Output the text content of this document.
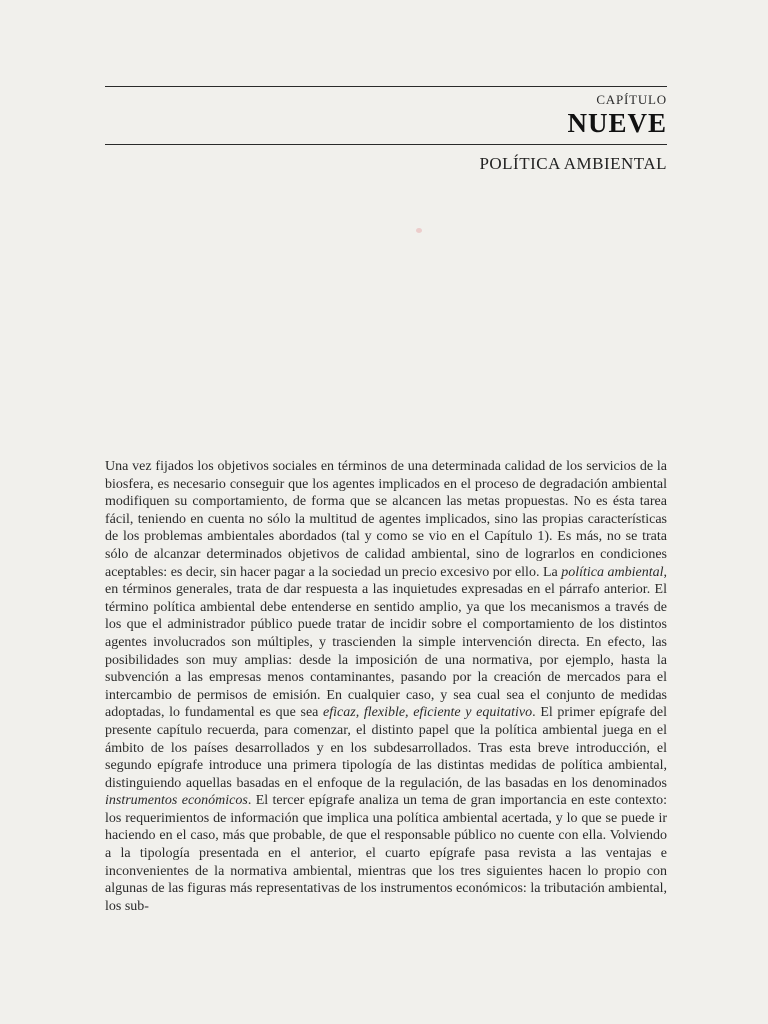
CAPÍTULO
NUEVE
POLÍTICA AMBIENTAL

Una vez fijados los objetivos sociales en términos de una determinada calidad de los servicios de la biosfera, es necesario conseguir que los agentes implicados en el proceso de degradación ambiental modifiquen su comportamiento, de forma que se alcancen las metas propuestas. No es ésta tarea fácil, teniendo en cuenta no sólo la multitud de agentes implicados, sino las propias características de los problemas ambientales abordados (tal y como se vio en el Capítulo 1). Es más, no se trata sólo de alcanzar determinados objetivos de calidad ambiental, sino de lograrlos en condiciones aceptables: es decir, sin hacer pagar a la sociedad un precio excesivo por ello. La política ambiental, en términos generales, trata de dar respuesta a las inquietudes expresadas en el párrafo anterior. El término política ambiental debe entenderse en sentido amplio, ya que los mecanismos a través de los que el administrador público puede tratar de incidir sobre el comportamiento de los distintos agentes involucrados son múltiples, y trascienden la simple intervención directa. En efecto, las posibilidades son muy amplias: desde la imposición de una normativa, por ejemplo, hasta la subvención a las empresas menos contaminantes, pasando por la creación de mercados para el intercambio de permisos de emisión. En cualquier caso, y sea cual sea el conjunto de medidas adoptadas, lo fundamental es que sea eficaz, flexible, eficiente y equitativo. El primer epígrafe del presente capítulo recuerda, para comenzar, el distinto papel que la política ambiental juega en el ámbito de los países desarrollados y en los subdesarrollados. Tras esta breve introducción, el segundo epígrafe introduce una primera tipología de las distintas medidas de política ambiental, distinguiendo aquellas basadas en el enfoque de la regulación, de las basadas en los denominados instrumentos económicos. El tercer epígrafe analiza un tema de gran importancia en este contexto: los requerimientos de información que implica una política ambiental acertada, y lo que se puede ir haciendo en el caso, más que probable, de que el responsable público no cuente con ella. Volviendo a la tipología presentada en el anterior, el cuarto epígrafe pasa revista a las ventajas e inconvenientes de la normativa ambiental, mientras que los tres siguientes hacen lo propio con algunas de las figuras más representativas de los instrumentos económicos: la tributación ambiental, los sub-
